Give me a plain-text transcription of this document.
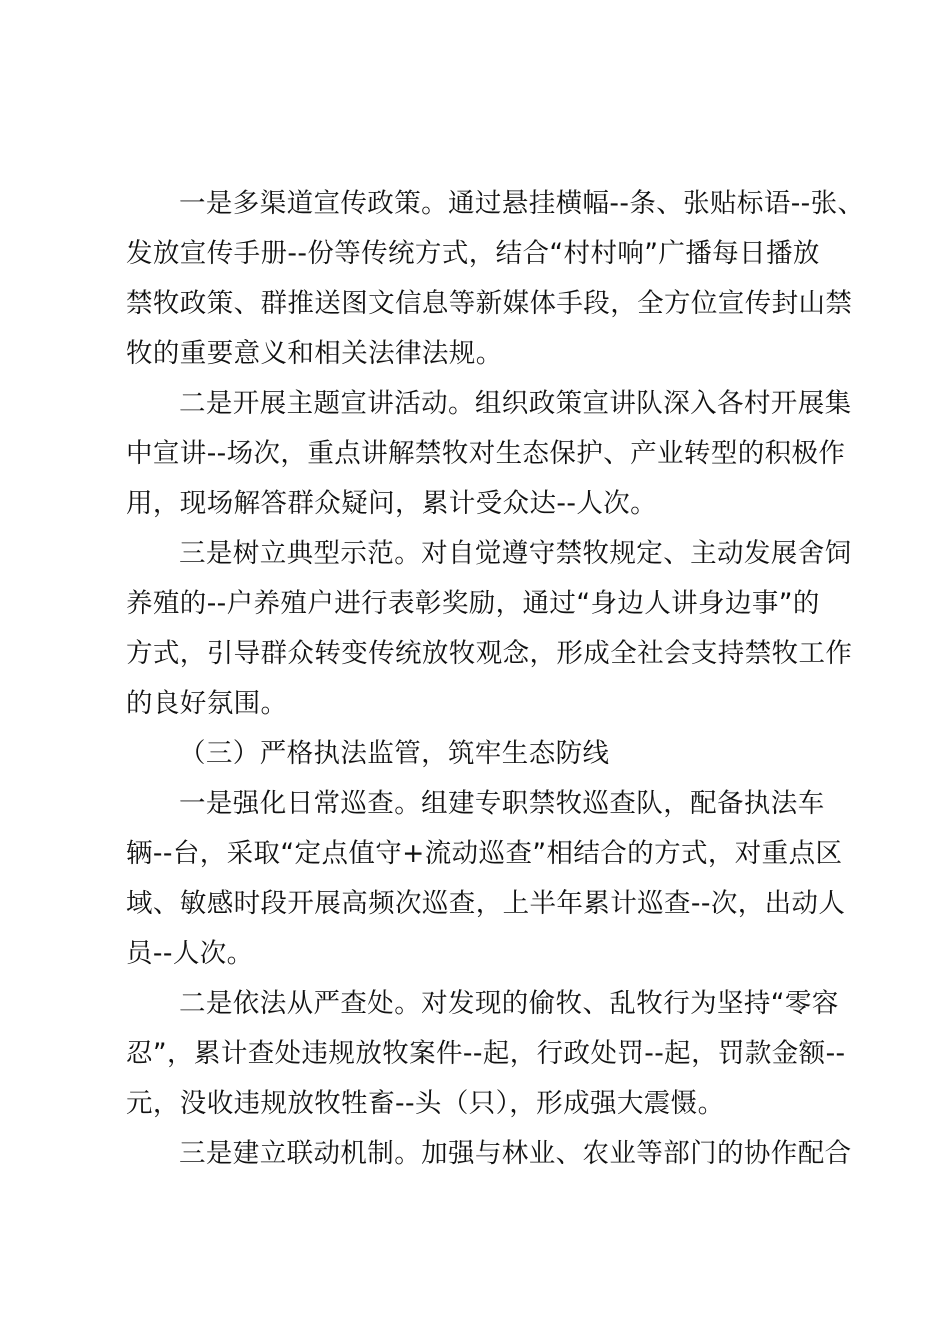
一是多渠道宣传政策。通过悬挂横幅--条、张贴标语--张、
发放宣传手册--份等传统方式，结合“村村响”广播每日播放
禁牧政策、群推送图文信息等新媒体手段，全方位宣传封山禁
牧的重要意义和相关法律法规。
二是开展主题宣讲活动。组织政策宣讲队深入各村开展集
中宣讲--场次，重点讲解禁牧对生态保护、产业转型的积极作
用，现场解答群众疑问，累计受众达--人次。
三是树立典型示范。对自觉遵守禁牧规定、主动发展舍饲
养殖的--户养殖户进行表彰奖励，通过“身边人讲身边事”的
方式，引导群众转变传统放牧观念，形成全社会支持禁牧工作
的良好氛围。
（三）严格执法监管，筑牢生态防线
一是强化日常巡查。组建专职禁牧巡查队，配备执法车
辆--台，采取“定点值守+流动巡查”相结合的方式，对重点区
域、敏感时段开展高频次巡查，上半年累计巡查--次，出动人
员--人次。
二是依法从严查处。对发现的偷牧、乱牧行为坚持“零容
忍”，累计查处违规放牧案件--起，行政处罚--起，罚款金额--
元，没收违规放牧牲畜--头（只），形成强大震慑。
三是建立联动机制。加强与林业、农业等部门的协作配合
